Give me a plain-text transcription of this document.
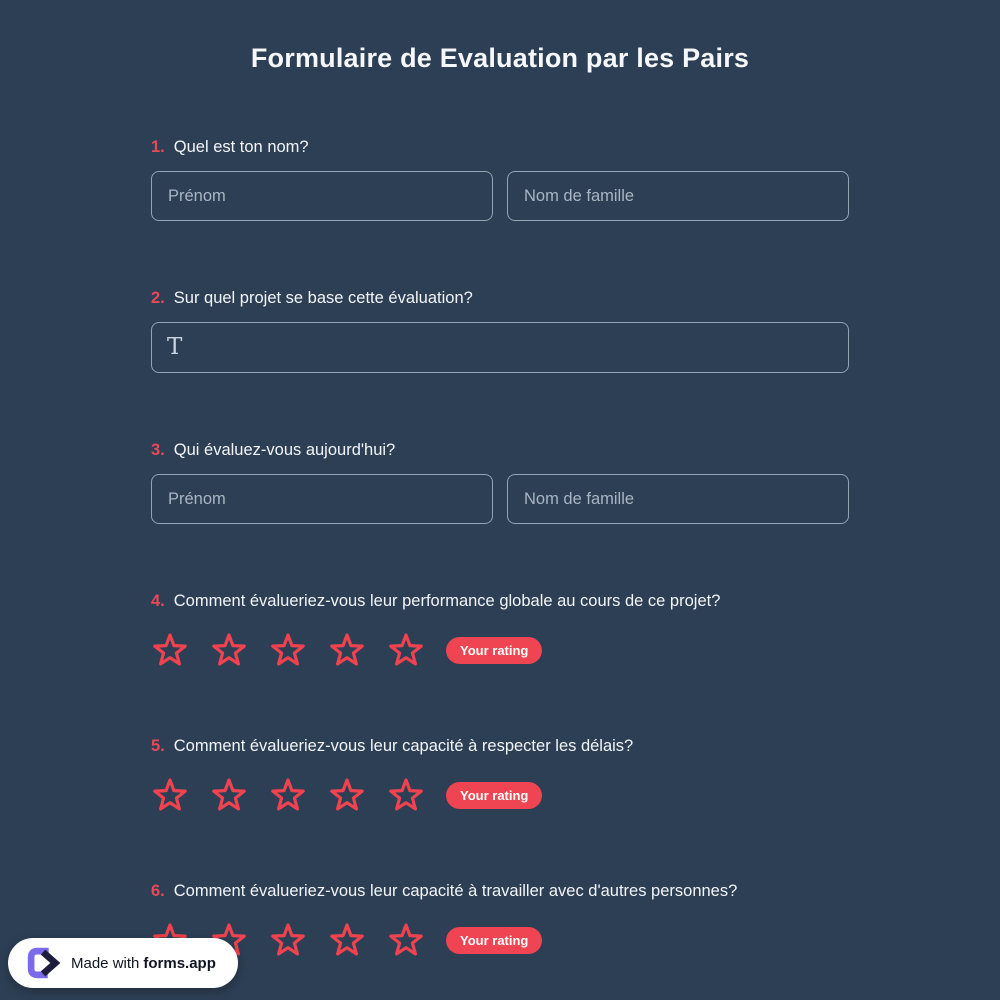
Formulaire de Evaluation par les Pairs
1. Quel est ton nom?
Prénom
Nom de famille
2. Sur quel projet se base cette évaluation?
T
3. Qui évaluez-vous aujourd'hui?
Prénom
Nom de famille
4. Comment évalueriez-vous leur performance globale au cours de ce projet?
Your rating
5. Comment évalueriez-vous leur capacité à respecter les délais?
Your rating
6. Comment évalueriez-vous leur capacité à travailler avec d'autres personnes?
Your rating
Made with forms.app
